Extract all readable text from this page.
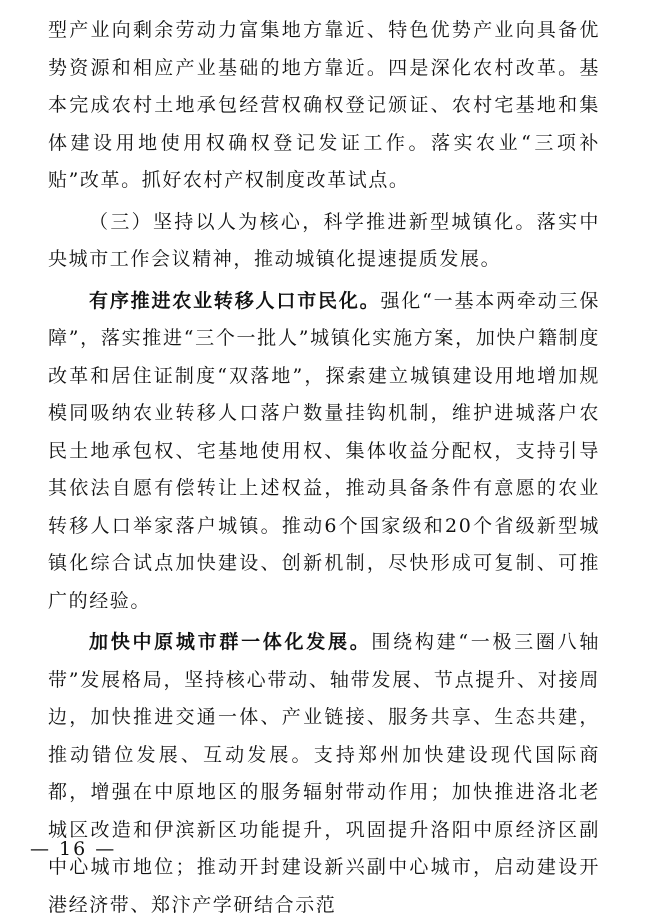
型产业向剩余劳动力富集地方靠近、特色优势产业向具备优势资源和相应产业基础的地方靠近。四是深化农村改革。基本完成农村土地承包经营权确权登记颁证、农村宅基地和集体建设用地使用权确权登记发证工作。落实农业“三项补贴”改革。抓好农村产权制度改革试点。

（三）坚持以人为核心，科学推进新型城镇化。落实中央城市工作会议精神，推动城镇化提速提质发展。

有序推进农业转移人口市民化。强化“一基本两牵动三保障”，落实推进“三个一批人”城镇化实施方案，加快户籍制度改革和居住证制度“双落地”，探索建立城镇建设用地增加规模同吸纳农业转移人口落户数量挂钩机制，维护进城落户农民土地承包权、宅基地使用权、集体收益分配权，支持引导其依法自愿有偿转让上述权益，推动具备条件有意愿的农业转移人口举家落户城镇。推动6个国家级和20个省级新型城镇化综合试点加快建设、创新机制，尽快形成可复制、可推广的经验。

加快中原城市群一体化发展。围绕构建“一极三圈八轴带”发展格局，坚持核心带动、轴带发展、节点提升、对接周边，加快推进交通一体、产业链接、服务共享、生态共建，推动错位发展、互动发展。支持郑州加快建设现代国际商都，增强在中原地区的服务辐射带动作用；加快推进洛北老城区改造和伊滨新区功能提升，巩固提升洛阳中原经济区副中心城市地位；推动开封建设新兴副中心城市，启动建设开港经济带、郑汴产学研结合示范

— 16 —
